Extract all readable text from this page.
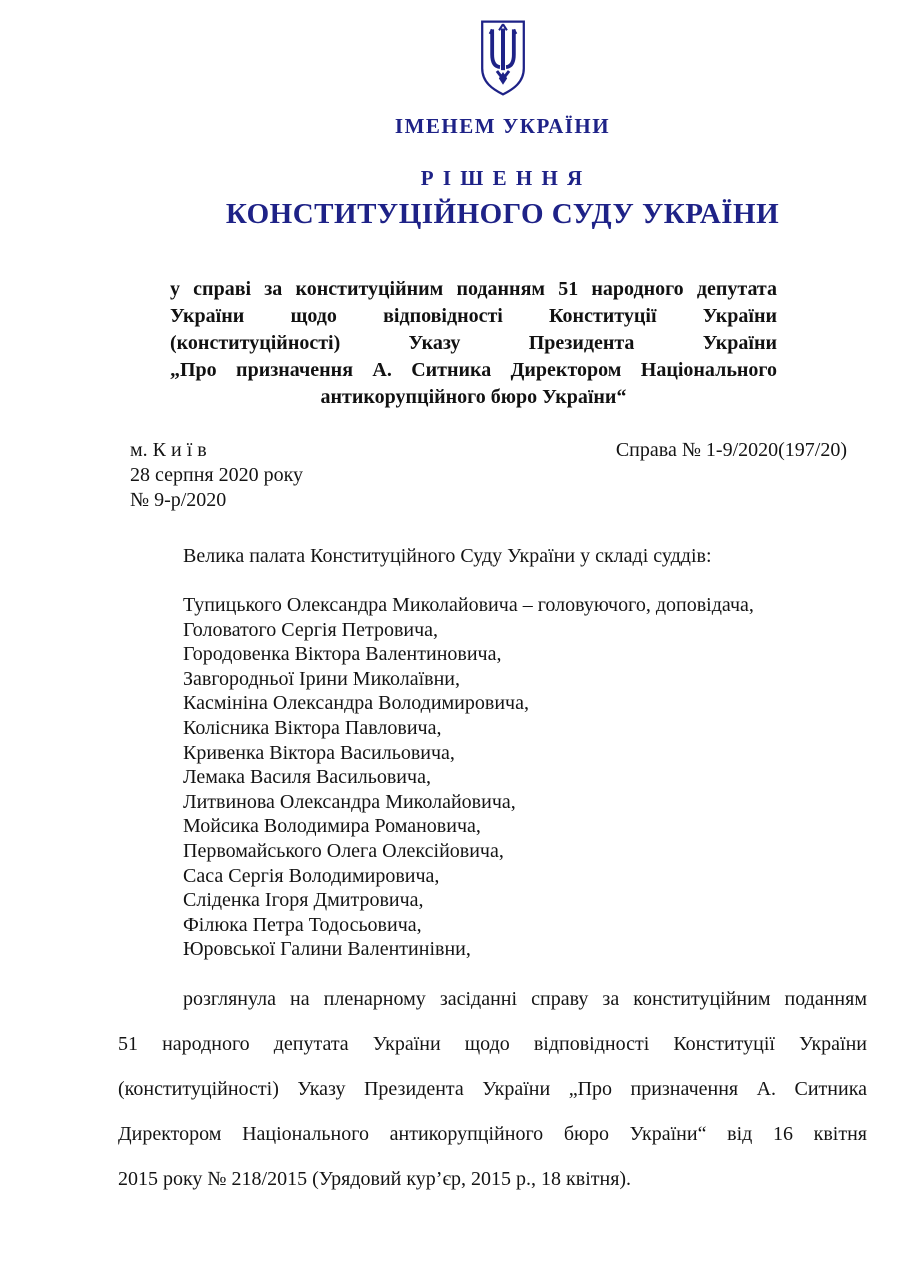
ІМЕНЕМ УКРАЇНИ
Р І Ш Е Н Н Я
КОНСТИТУЦІЙНОГО СУДУ УКРАЇНИ
у справі за конституційним поданням 51 народного депутата
України щодо відповідності Конституції України
(конституційності) Указу Президента України
„Про призначення А. Ситника Директором Національного
антикорупційного бюро України“
м. К и ї в	Справа № 1-9/2020(197/20)
28 серпня 2020 року
№ 9-р/2020
Велика палата Конституційного Суду України у складі суддів:
Тупицького Олександра Миколайовича – головуючого, доповідача,
Головатого Сергія Петровича,
Городовенка Віктора Валентиновича,
Завгородньої Ірини Миколаївни,
Касмініна Олександра Володимировича,
Колісника Віктора Павловича,
Кривенка Віктора Васильовича,
Лемака Василя Васильовича,
Литвинова Олександра Миколайовича,
Мойсика Володимира Романовича,
Первомайського Олега Олексійовича,
Саса Сергія Володимировича,
Сліденка Ігоря Дмитровича,
Філюка Петра Тодосьовича,
Юровської Галини Валентинівни,
розглянула на пленарному засіданні справу за конституційним поданням
51 народного депутата України щодо відповідності Конституції України
(конституційності) Указу Президента України „Про призначення А. Ситника
Директором Національного антикорупційного бюро України“ від 16 квітня
2015 року № 218/2015 (Урядовий кур’єр, 2015 р., 18 квітня).
